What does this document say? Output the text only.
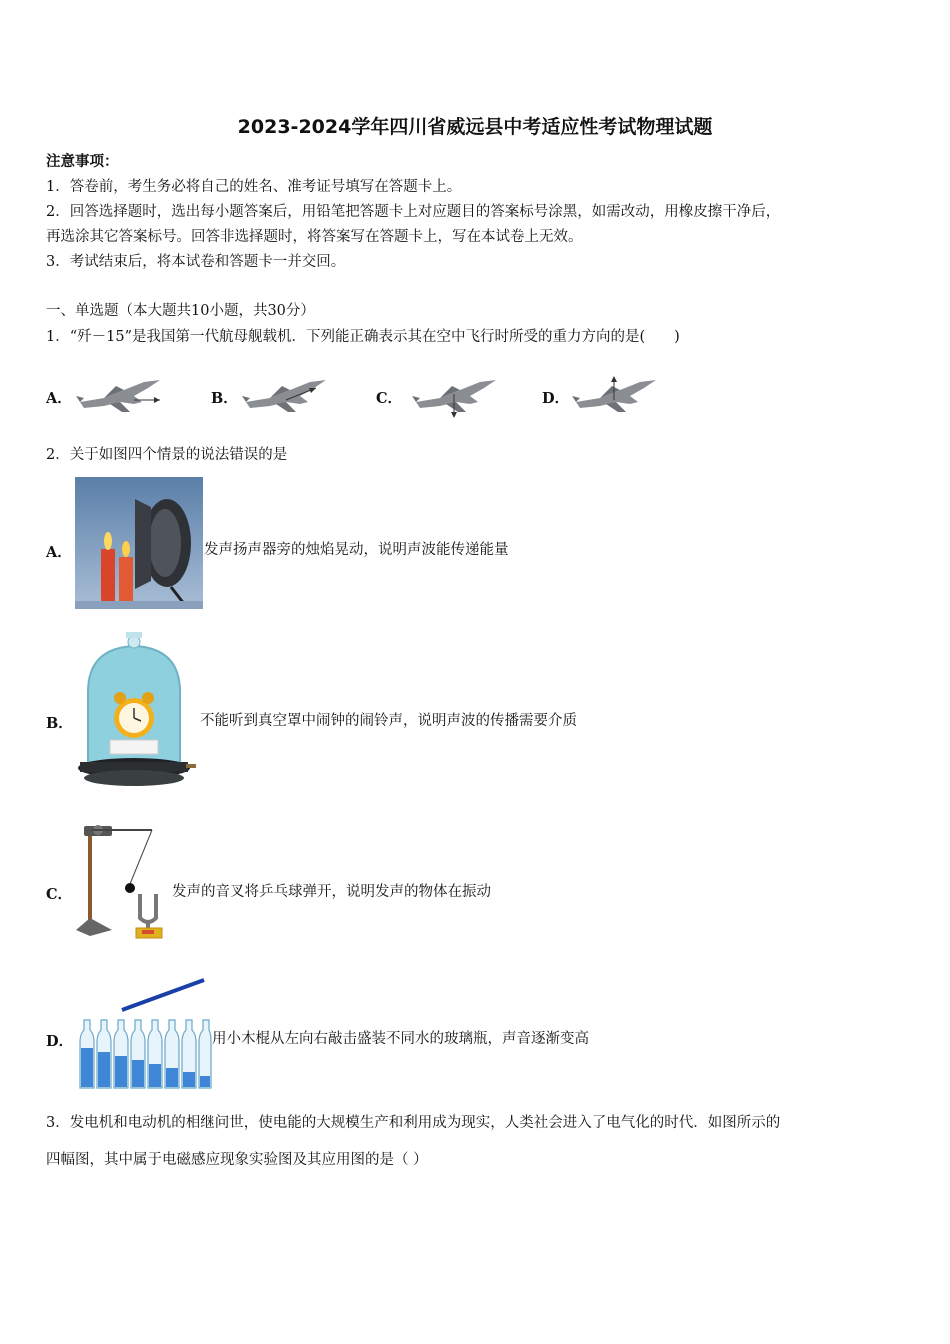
2023-2024学年四川省威远县中考适应性考试物理试题
注意事项：
1．答卷前，考生务必将自己的姓名、准考证号填写在答题卡上。
2．回答选择题时，选出每小题答案后，用铅笔把答题卡上对应题目的答案标号涂黑，如需改动，用橡皮擦干净后，
再选涂其它答案标号。回答非选择题时，将答案写在答题卡上，写在本试卷上无效。
3．考试结束后，将本试卷和答题卡一并交回。
一、单选题（本大题共10小题，共30分）
1．“歼－15”是我国第一代航母舰载机．下列能正确表示其在空中飞行时所受的重力方向的是(　　)
A．	B．	C．	D．
2．关于如图四个情景的说法错误的是
A．	发声扬声器旁的烛焰晃动，说明声波能传递能量
B．	不能听到真空罩中闹钟的闹铃声，说明声波的传播需要介质
C．	发声的音叉将乒乓球弹开，说明发声的物体在振动
D．	用小木棍从左向右敲击盛装不同水的玻璃瓶，声音逐渐变高
3．发电机和电动机的相继问世，使电能的大规模生产和利用成为现实，人类社会进入了电气化的时代．如图所示的
四幅图，其中属于电磁感应现象实验图及其应用图的是（ ）
